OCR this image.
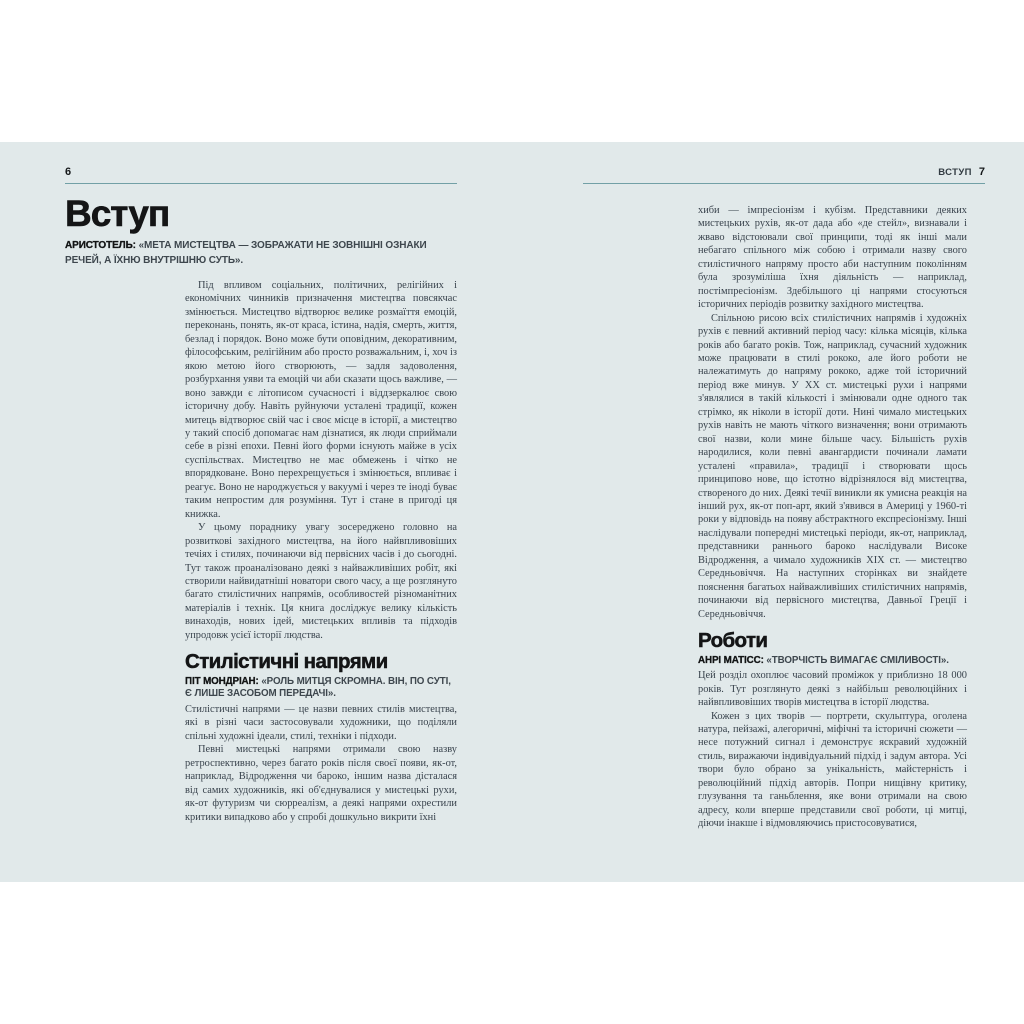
6
Вступ
АРИСТОТЕЛЬ: «МЕТА МИСТЕЦТВА — ЗОБРАЖАТИ НЕ ЗОВНІШНІ ОЗНАКИ РЕЧЕЙ, А ЇХНЮ ВНУТРІШНЮ СУТЬ».

Під впливом соціальних, політичних, релігійних і економічних чинників призначення мистецтва повсякчас змінюється. Мистецтво відтворює велике розмаїття емоцій, переконань, понять, як-от краса, істина, надія, смерть, життя, безлад і порядок. Воно може бути оповідним, декоративним, філософським, релігійним або просто розважальним, і, хоч із якою метою його створюють, — задля задоволення, розбурхання уяви та емоцій чи аби сказати щось важливе, — воно завжди є літописом сучасності і віддзеркалює свою історичну добу. Навіть руйнуючи усталені традиції, кожен митець відтворює свій час і своє місце в історії, а мистецтво у такий спосіб допомагає нам дізнатися, як люди сприймали себе в різні епохи. Певні його форми існують майже в усіх суспільствах. Мистецтво не має обмежень і чітко не впорядковане. Воно перехрещується і змінюється, впливає і реагує. Воно не народжується у вакуумі і через те іноді буває таким непростим для розуміння. Тут і стане в пригоді ця книжка.

У цьому пораднику увагу зосереджено головно на розвиткові західного мистецтва, на його найвпливовіших течіях і стилях, починаючи від первісних часів і до сьогодні. Тут також проаналізовано деякі з найважливіших робіт, які створили найвидатніші новатори свого часу, а ще розглянуто багато стилістичних напрямів, особливостей різноманітних матеріалів і технік. Ця книга досліджує велику кількість винаходів, нових ідей, мистецьких впливів та підходів упродовж усієї історії людства.

Стилістичні напрями
ПІТ МОНДРІАН: «РОЛЬ МИТЦЯ СКРОМНА. ВІН, ПО СУТІ, Є ЛИШЕ ЗАСОБОМ ПЕРЕДАЧІ».

Стилістичні напрями — це назви певних стилів мистецтва, які в різні часи застосовували художники, що поділяли спільні художні ідеали, стилі, техніки і підходи.

Певні мистецькі напрями отримали свою назву ретроспективно, через багато років після своєї появи, як-от, наприклад, Відродження чи бароко, іншим назва дісталася від самих художників, які об'єднувалися у мистецькі рухи, як-от футуризм чи сюрреалізм, а деякі напрями охрестили критики випадково або у спробі дошкульно викрити їхні

ВСТУП 7

хиби — імпресіонізм і кубізм. Представники деяких мистецьких рухів, як-от дада або «де стейл», визнавали і жваво відстоювали свої принципи, тоді як інші мали небагато спільного між собою і отримали назву свого стилістичного напряму просто аби наступним поколінням була зрозуміліша їхня діяльність — наприклад, постімпресіонізм. Здебільшого ці напрями стосуються історичних періодів розвитку західного мистецтва.

Спільною рисою всіх стилістичних напрямів і художніх рухів є певний активний період часу: кілька місяців, кілька років або багато років. Тож, наприклад, сучасний художник може працювати в стилі рококо, але його роботи не належатимуть до напряму рококо, адже той історичний період вже минув. У XX ст. мистецькі рухи і напрями з'являлися в такій кількості і змінювали одне одного так стрімко, як ніколи в історії доти. Нині чимало мистецьких рухів навіть не мають чіткого визначення; вони отримають свої назви, коли мине більше часу. Більшість рухів народилися, коли певні авангардисти починали ламати усталені «правила», традиції і створювати щось принципово нове, що істотно відрізнялося від мистецтва, створеного до них. Деякі течії виникли як умисна реакція на інший рух, як-от поп-арт, який з'явився в Америці у 1960-ті роки у відповідь на появу абстрактного експресіонізму. Інші наслідували попередні мистецькі періоди, як-от, наприклад, представники раннього бароко наслідували Високе Відродження, а чимало художників XIX ст. — мистецтво Середньовіччя. На наступних сторінках ви знайдете пояснення багатьох найважливіших стилістичних напрямів, починаючи від первісного мистецтва, Давньої Греції і Середньовіччя.

Роботи
АНРІ МАТІСС: «ТВОРЧІСТЬ ВИМАГАЄ СМІЛИВОСТІ».

Цей розділ охоплює часовий проміжок у приблизно 18 000 років. Тут розглянуто деякі з найбільш революційних і найвпливовіших творів мистецтва в історії людства.

Кожен з цих творів — портрети, скульптура, оголена натура, пейзажі, алегоричні, міфічні та історичні сюжети — несе потужний сигнал і демонструє яскравий художній стиль, виражаючи індивідуальний підхід і задум автора. Усі твори було обрано за унікальність, майстерність і революційний підхід авторів. Попри нищівну критику, глузування та ганьблення, яке вони отримали на свою адресу, коли вперше представили свої роботи, ці митці, діючи інакше і відмовляючись пристосовуватися,
